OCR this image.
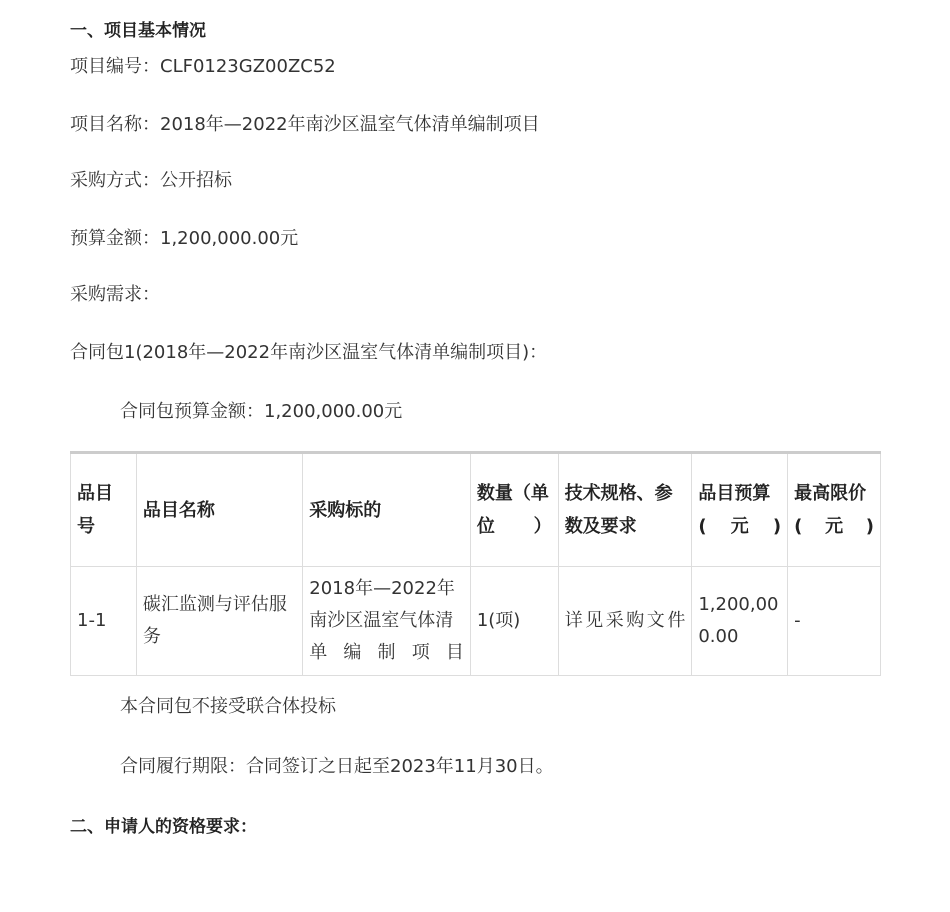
一、项目基本情况
项目编号：CLF0123GZ00ZC52
项目名称：2018年—2022年南沙区温室气体清单编制项目
采购方式：公开招标
预算金额：1,200,000.00元
采购需求：
合同包1(2018年—2022年南沙区温室气体清单编制项目)：
合同包预算金额：1,200,000.00元
品目号	品目名称	采购标的	数量（单位）	技术规格、参数及要求	品目预算(元)	最高限价(元)
1-1	碳汇监测与评估服务	2018年—2022年南沙区温室气体清单编制项目	1(项)	详见采购文件	1,200,000.00	-
本合同包不接受联合体投标
合同履行期限：合同签订之日起至2023年11月30日。
二、申请人的资格要求：
